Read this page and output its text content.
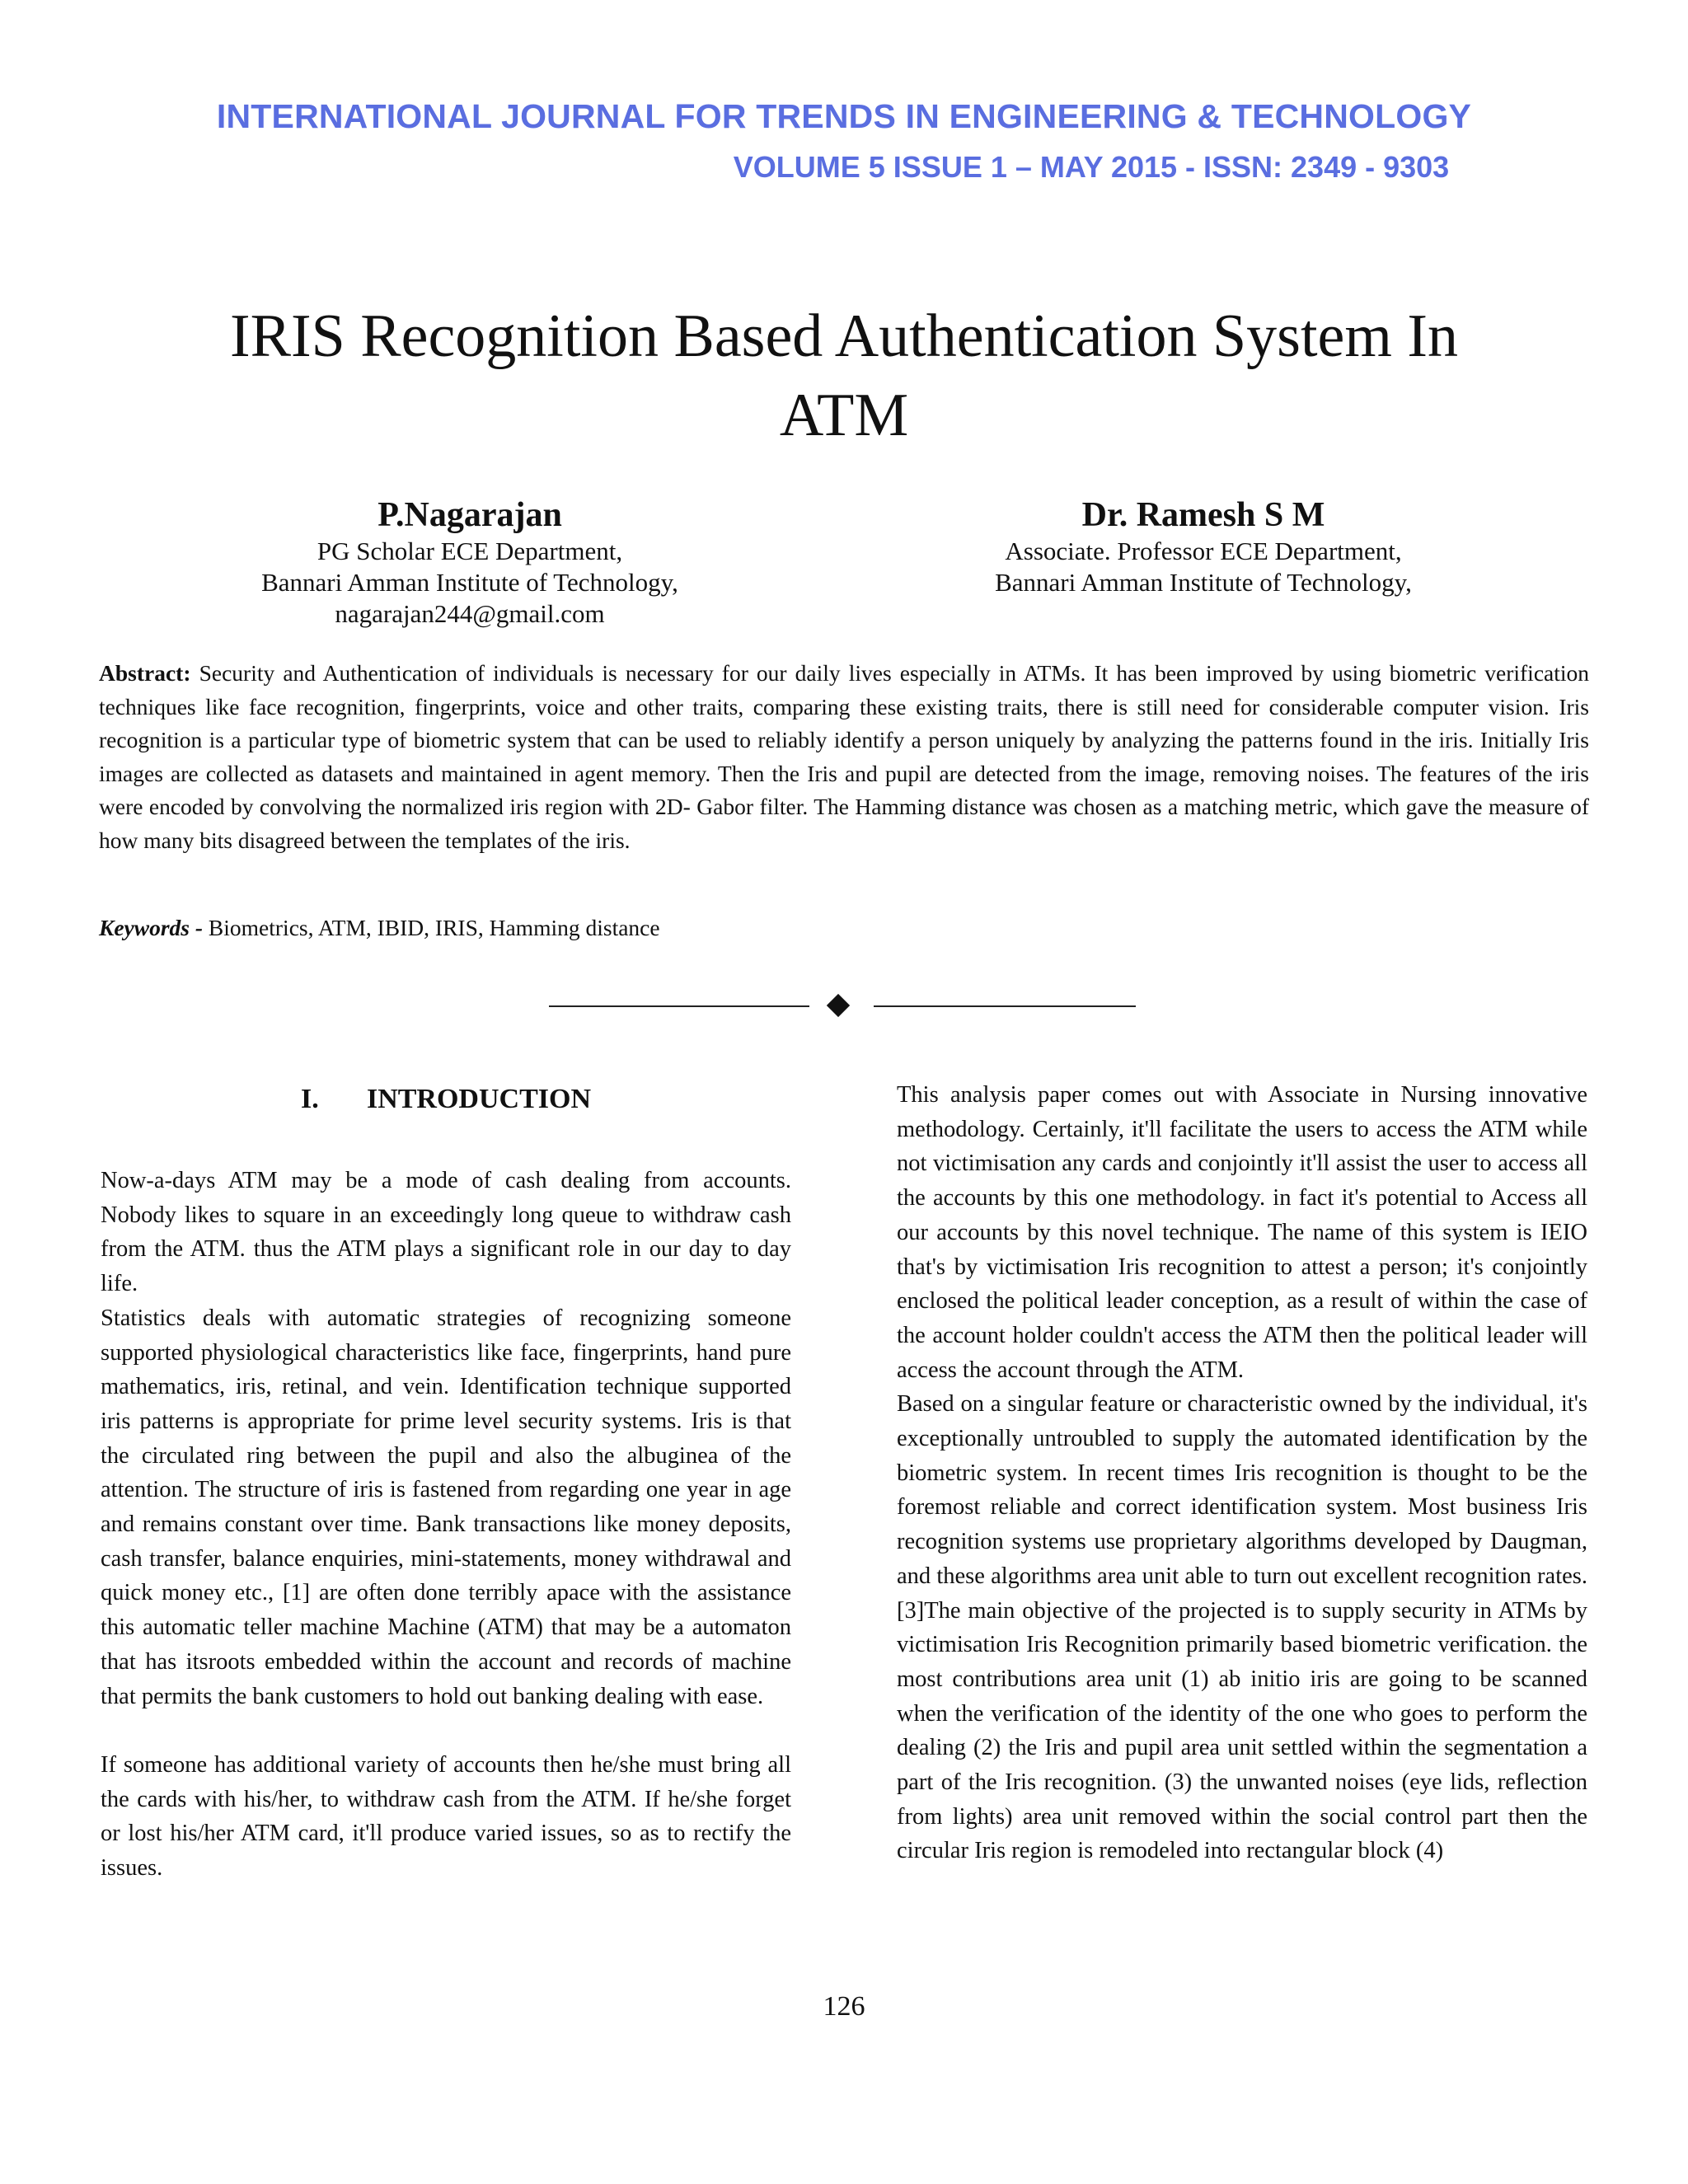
INTERNATIONAL JOURNAL FOR TRENDS IN ENGINEERING & TECHNOLOGY
VOLUME 5 ISSUE 1 – MAY 2015 - ISSN: 2349 - 9303
IRIS Recognition Based Authentication System In
ATM
P.Nagarajan
PG Scholar ECE Department,
Bannari Amman Institute of Technology,
nagarajan244@gmail.com
Dr. Ramesh S M
Associate. Professor ECE Department,
Bannari Amman Institute of Technology,

Abstract: Security and Authentication of individuals is necessary for our daily lives especially in ATMs. It has been improved by using biometric verification techniques like face recognition, fingerprints, voice and other traits, comparing these existing traits, there is still need for considerable computer vision. Iris recognition is a particular type of biometric system that can be used to reliably identify a person uniquely by analyzing the patterns found in the iris. Initially Iris images are collected as datasets and maintained in agent memory. Then the Iris and pupil are detected from the image, removing noises. The features of the iris were encoded by convolving the normalized iris region with 2D- Gabor filter. The Hamming distance was chosen as a matching metric, which gave the measure of how many bits disagreed between the templates of the iris.

Keywords - Biometrics, ATM, IBID, IRIS, Hamming distance

I. INTRODUCTION

Now-a-days ATM may be a mode of cash dealing from accounts. Nobody likes to square in an exceedingly long queue to withdraw cash from the ATM. thus the ATM plays a significant role in our day to day life.

Statistics deals with automatic strategies of recognizing someone supported physiological characteristics like face, fingerprints, hand pure mathematics, iris, retinal, and vein. Identification technique supported iris patterns is appropriate for prime level security systems. Iris is that the circulated ring between the pupil and also the albuginea of the attention. The structure of iris is fastened from regarding one year in age and remains constant over time. Bank transactions like money deposits, cash transfer, balance enquiries, mini-statements, money withdrawal and quick money etc., [1] are often done terribly apace with the assistance this automatic teller machine Machine (ATM) that may be a automaton that has itsroots embedded within the account and records of machine that permits the bank customers to hold out banking dealing with ease.

If someone has additional variety of accounts then he/she must bring all the cards with his/her, to withdraw cash from the ATM. If he/she forget or lost his/her ATM card, it'll produce varied issues, so as to rectify the issues.

This analysis paper comes out with Associate in Nursing innovative methodology. Certainly, it'll facilitate the users to access the ATM while not victimisation any cards and conjointly it'll assist the user to access all the accounts by this one methodology. in fact it's potential to Access all our accounts by this novel technique. The name of this system is IEIO that's by victimisation Iris recognition to attest a person; it's conjointly enclosed the political leader conception, as a result of within the case of the account holder couldn't access the ATM then the political leader will access the account through the ATM.

Based on a singular feature or characteristic owned by the individual, it's exceptionally untroubled to supply the automated identification by the biometric system. In recent times Iris recognition is thought to be the foremost reliable and correct identification system. Most business Iris recognition systems use proprietary algorithms developed by Daugman, and these algorithms area unit able to turn out excellent recognition rates. [3]The main objective of the projected is to supply security in ATMs by victimisation Iris Recognition primarily based biometric verification. the most contributions area unit (1) ab initio iris are going to be scanned when the verification of the identity of the one who goes to perform the dealing (2) the Iris and pupil area unit settled within the segmentation a part of the Iris recognition. (3) the unwanted noises (eye lids, reflection from lights) area unit removed within the social control part then the circular Iris region is remodeled into rectangular block (4)

126
